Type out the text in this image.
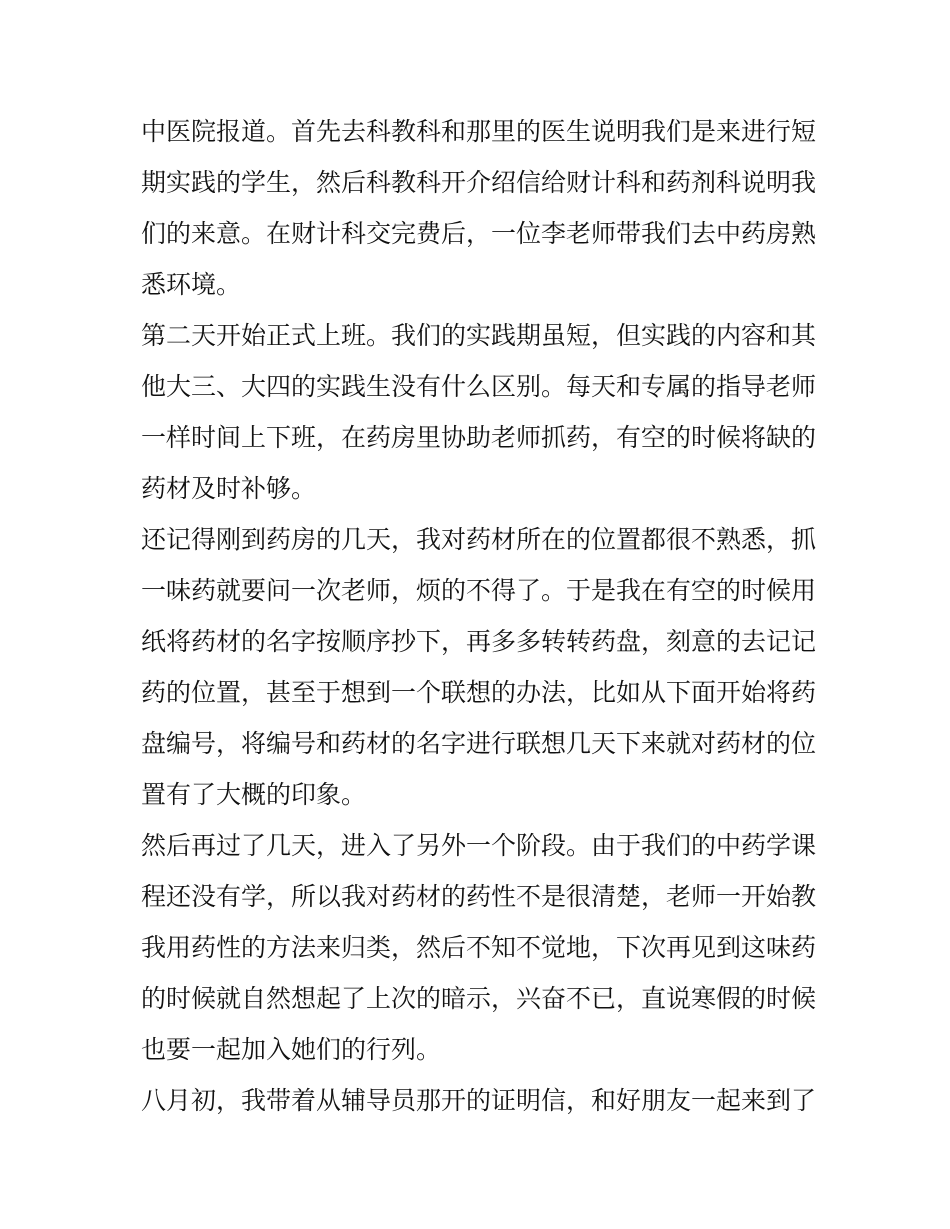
中医院报道。首先去科教科和那里的医生说明我们是来进行短
期实践的学生，然后科教科开介绍信给财计科和药剂科说明我
们的来意。在财计科交完费后，一位李老师带我们去中药房熟
悉环境。

第二天开始正式上班。我们的实践期虽短，但实践的内容和其
他大三、大四的实践生没有什么区别。每天和专属的指导老师
一样时间上下班，在药房里协助老师抓药，有空的时候将缺的
药材及时补够。

还记得刚到药房的几天，我对药材所在的位置都很不熟悉，抓
一味药就要问一次老师，烦的不得了。于是我在有空的时候用
纸将药材的名字按顺序抄下，再多多转转药盘，刻意的去记记
药的位置，甚至于想到一个联想的办法，比如从下面开始将药
盘编号，将编号和药材的名字进行联想几天下来就对药材的位
置有了大概的印象。

然后再过了几天，进入了另外一个阶段。由于我们的中药学课
程还没有学，所以我对药材的药性不是很清楚，老师一开始教
我用药性的方法来归类，然后不知不觉地，下次再见到这味药
的时候就自然想起了上次的暗示，兴奋不已，直说寒假的时候
也要一起加入她们的行列。

八月初，我带着从辅导员那开的证明信，和好朋友一起来到了
